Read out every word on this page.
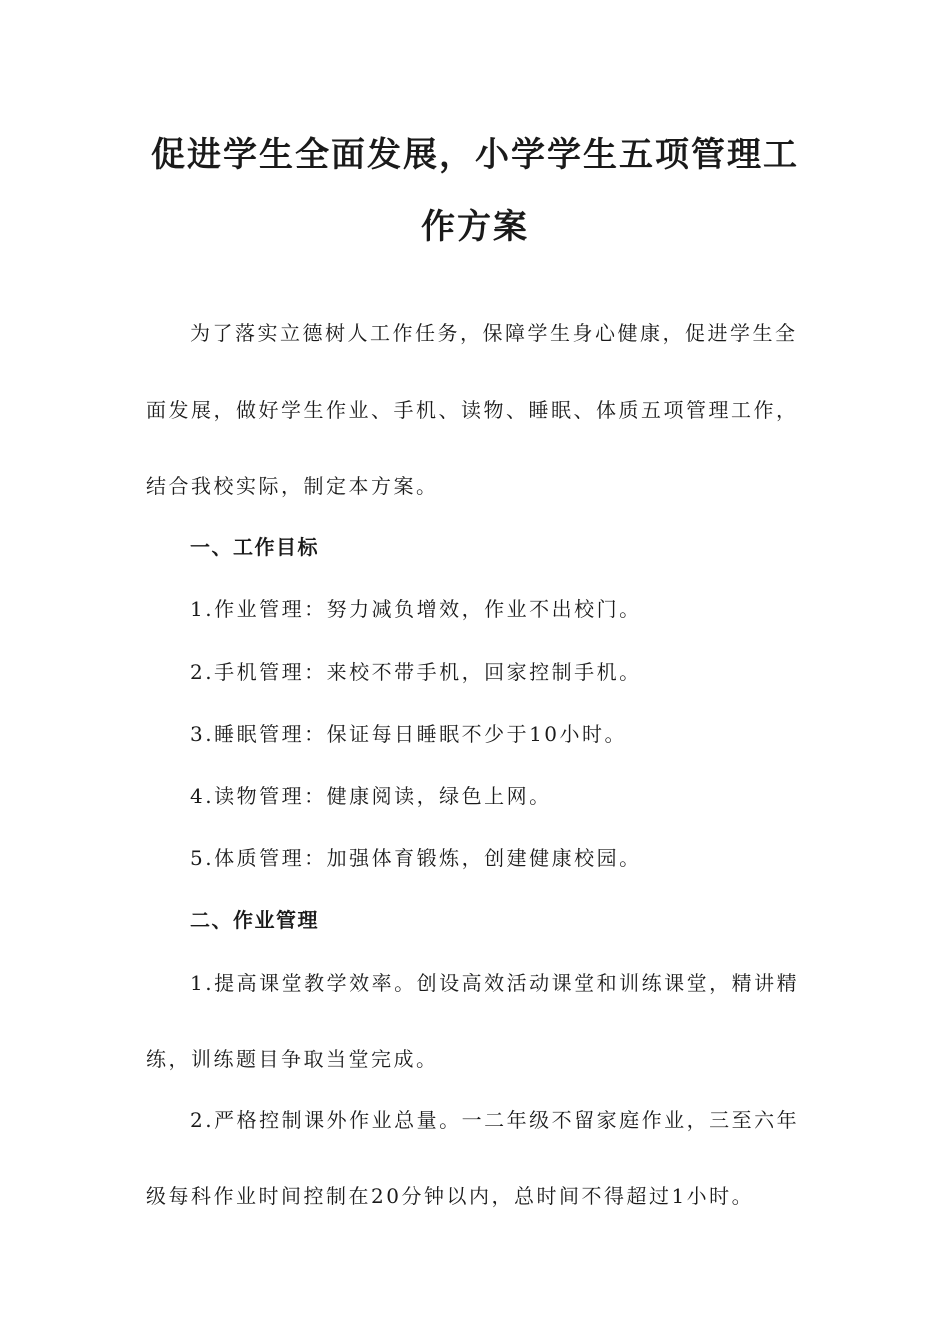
促进学生全面发展，小学学生五项管理工
作方案
为了落实立德树人工作任务，保障学生身心健康，促进学生全
面发展，做好学生作业、手机、读物、睡眠、体质五项管理工作，
结合我校实际，制定本方案。
一、工作目标
1.作业管理：努力减负增效，作业不出校门。
2.手机管理：来校不带手机，回家控制手机。
3.睡眠管理：保证每日睡眠不少于10小时。
4.读物管理：健康阅读，绿色上网。
5.体质管理：加强体育锻炼，创建健康校园。
二、作业管理
1.提高课堂教学效率。创设高效活动课堂和训练课堂，精讲精
练，训练题目争取当堂完成。
2.严格控制课外作业总量。一二年级不留家庭作业，三至六年
级每科作业时间控制在20分钟以内，总时间不得超过1小时。
